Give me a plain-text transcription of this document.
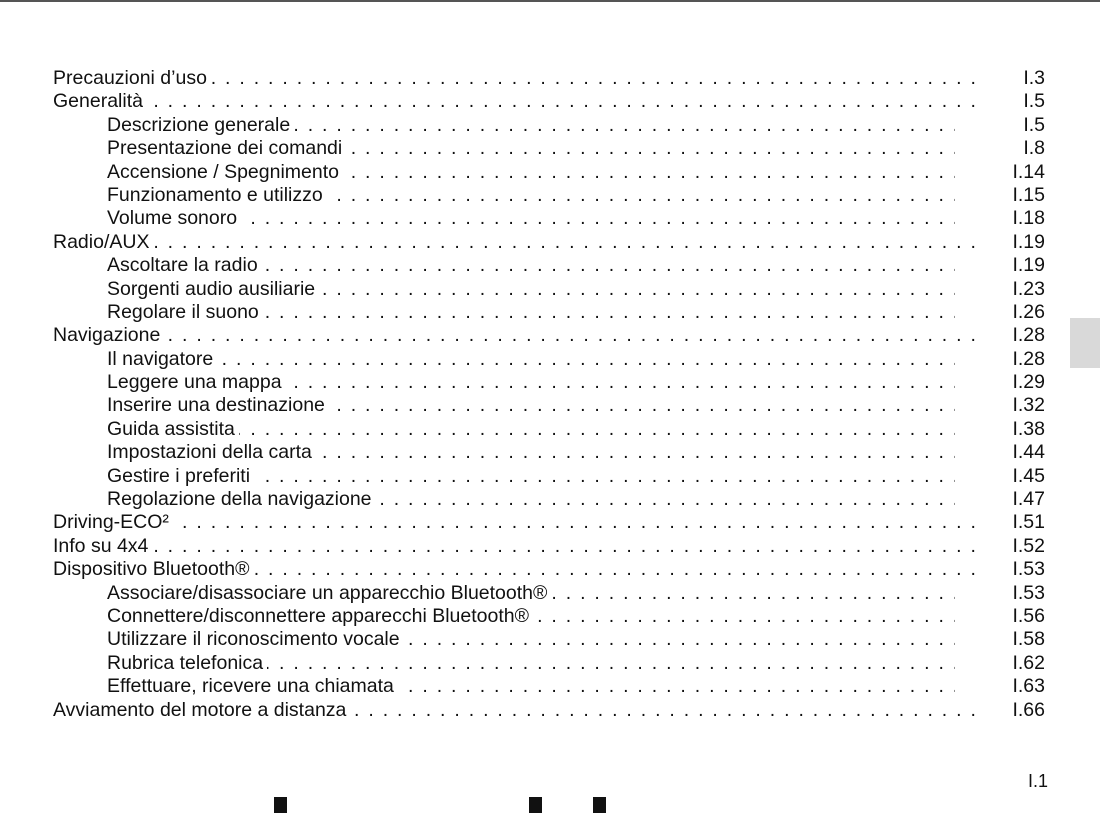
Precauzioni d’uso . . .	I.3
Generalità . . .	I.5
Descrizione generale . . .	I.5
Presentazione dei comandi . . .	I.8
Accensione / Spegnimento . . .	I.14
Funzionamento e utilizzo . . .	I.15
Volume sonoro . . .	I.18
Radio/AUX . . .	I.19
Ascoltare la radio . . .	I.19
Sorgenti audio ausiliarie . . .	I.23
Regolare il suono . . .	I.26
Navigazione . . .	I.28
Il navigatore . . .	I.28
Leggere una mappa . . .	I.29
Inserire una destinazione . . .	I.32
Guida assistita . . .	I.38
Impostazioni della carta . . .	I.44
Gestire i preferiti . . .	I.45
Regolazione della navigazione . . .	I.47
Driving-ECO² . . .	I.51
Info su 4x4 . . .	I.52
Dispositivo Bluetooth® . . .	I.53
Associare/disassociare un apparecchio Bluetooth® . . .	I.53
Connettere/disconnettere apparecchi Bluetooth® . . .	I.56
Utilizzare il riconoscimento vocale . . .	I.58
Rubrica telefonica . . .	I.62
Effettuare, ricevere una chiamata . . .	I.63
Avviamento del motore a distanza . . .	I.66
I.1
